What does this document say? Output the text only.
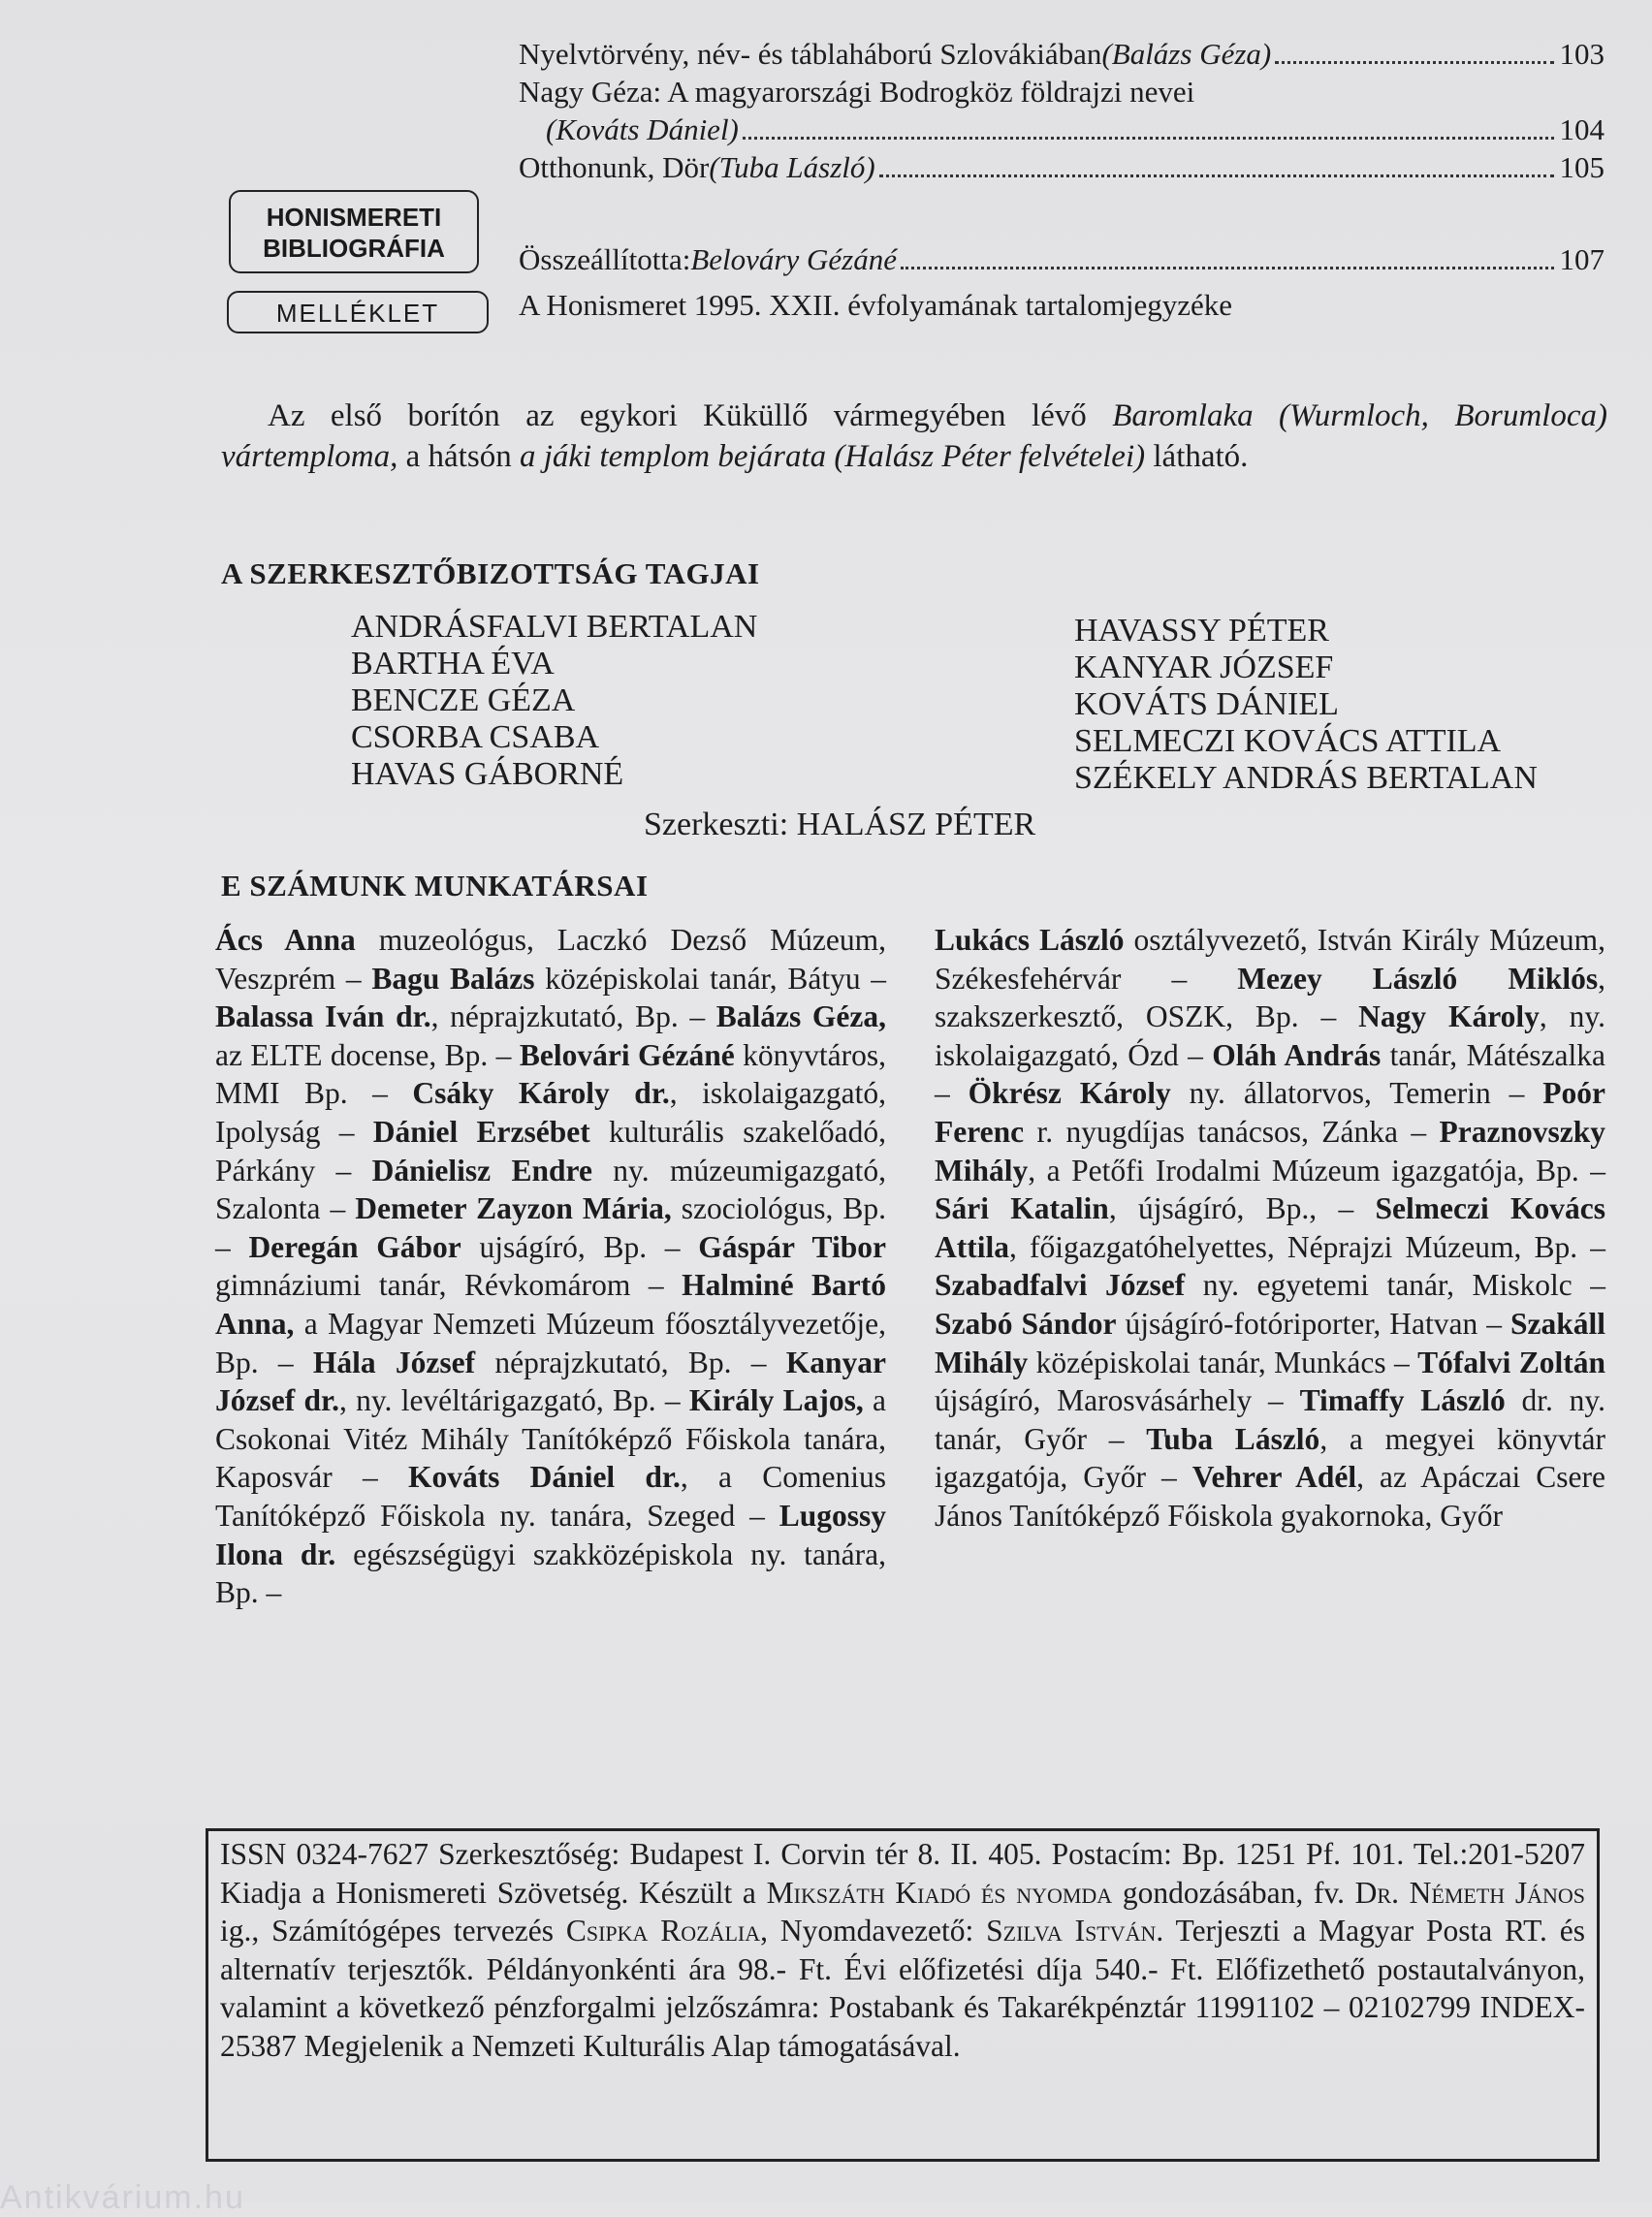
Nyelvtörvény, név- és táblaháború Szlovákiában (Balázs Géza)	103
Nagy Géza: A magyarországi Bodrogköz földrajzi nevei
(Kováts Dániel)	104
Otthonunk, Dör (Tuba László)	105
Összeállította: Belováry Gézáné	107
A Honismeret 1995. XXII. évfolyamának tartalomjegyzéke
HONISMERETI
BIBLIOGRÁFIA
MELLÉKLET
Az első borítón az egykori Küküllő vármegyében lévő Baromlaka (Wurmloch, Borumloca) vártemploma, a hátsón a jáki templom bejárata (Halász Péter felvételei) látható.
A SZERKESZTŐBIZOTTSÁG TAGJAI
ANDRÁSFALVI BERTALAN
BARTHA ÉVA
BENCZE GÉZA
CSORBA CSABA
HAVAS GÁBORNÉ
HAVASSY PÉTER
KANYAR JÓZSEF
KOVÁTS DÁNIEL
SELMECZI KOVÁCS ATTILA
SZÉKELY ANDRÁS BERTALAN
Szerkeszti: HALÁSZ PÉTER
E SZÁMUNK MUNKATÁRSAI
Ács Anna muzeológus, Laczkó Dezső Múzeum, Veszprém – Bagu Balázs középiskolai tanár, Bátyu – Balassa Iván dr., néprajzkutató, Bp. – Balázs Géza, az ELTE docense, Bp. – Belovári Gézáné könyvtáros, MMI Bp. – Csáky Károly dr., iskolaigazgató, Ipolyság – Dániel Erzsébet kulturális szakelőadó, Párkány – Dánielisz Endre ny. múzeumigazgató, Szalonta – Demeter Zayzon Mária, szociológus, Bp. – Deregán Gábor ujságíró, Bp. – Gáspár Tibor gimnáziumi tanár, Révkomárom – Halminé Bartó Anna, a Magyar Nemzeti Múzeum főosztályvezetője, Bp. – Hála József néprajzkutató, Bp. – Kanyar József dr., ny. levéltárigazgató, Bp. – Király Lajos, a Csokonai Vitéz Mihály Tanítóképző Főiskola tanára, Kaposvár – Kováts Dániel dr., a Comenius Tanítóképző Főiskola ny. tanára, Szeged – Lugossy Ilona dr. egészségügyi szakközépiskola ny. tanára, Bp. –
Lukács László osztályvezető, István Király Múzeum, Székesfehérvár – Mezey László Miklós, szakszerkesztő, OSZK, Bp. – Nagy Károly, ny. iskolaigazgató, Ózd – Oláh András tanár, Mátészalka – Ökrész Károly ny. állatorvos, Temerin – Poór Ferenc r. nyugdíjas tanácsos, Zánka – Praznovszky Mihály, a Petőfi Irodalmi Múzeum igazgatója, Bp. – Sári Katalin, újságíró, Bp., – Selmeczi Kovács Attila, főigazgatóhelyettes, Néprajzi Múzeum, Bp. – Szabadfalvi József ny. egyetemi tanár, Miskolc – Szabó Sándor újságíró-fotóriporter, Hatvan – Szakáll Mihály középiskolai tanár, Munkács – Tófalvi Zoltán újságíró, Marosvásárhely – Timaffy László dr. ny. tanár, Győr – Tuba László, a megyei könyvtár igazgatója, Győr – Vehrer Adél, az Apáczai Csere János Tanítóképző Főiskola gyakornoka, Győr
ISSN 0324-7627 Szerkesztőség: Budapest I. Corvin tér 8. II. 405. Postacím: Bp. 1251 Pf. 101. Tel.:201-5207 Kiadja a Honismereti Szövetség. Készült a Mikszáth Kiadó és nyomda gondozásában, fv. Dr. Németh János ig., Számítógépes tervezés Csipka Rozália, Nyomdavezető: Szilva István. Terjeszti a Magyar Posta RT. és alternatív terjesztők. Példányonkénti ára 98.- Ft. Évi előfizetési díja 540.- Ft. Előfizethető postautalványon, valamint a következő pénzforgalmi jelzőszámra: Postabank és Takarékpénztár 11991102 – 02102799 INDEX-25387 Megjelenik a Nemzeti Kulturális Alap támogatásával.
Antikvárium.hu
